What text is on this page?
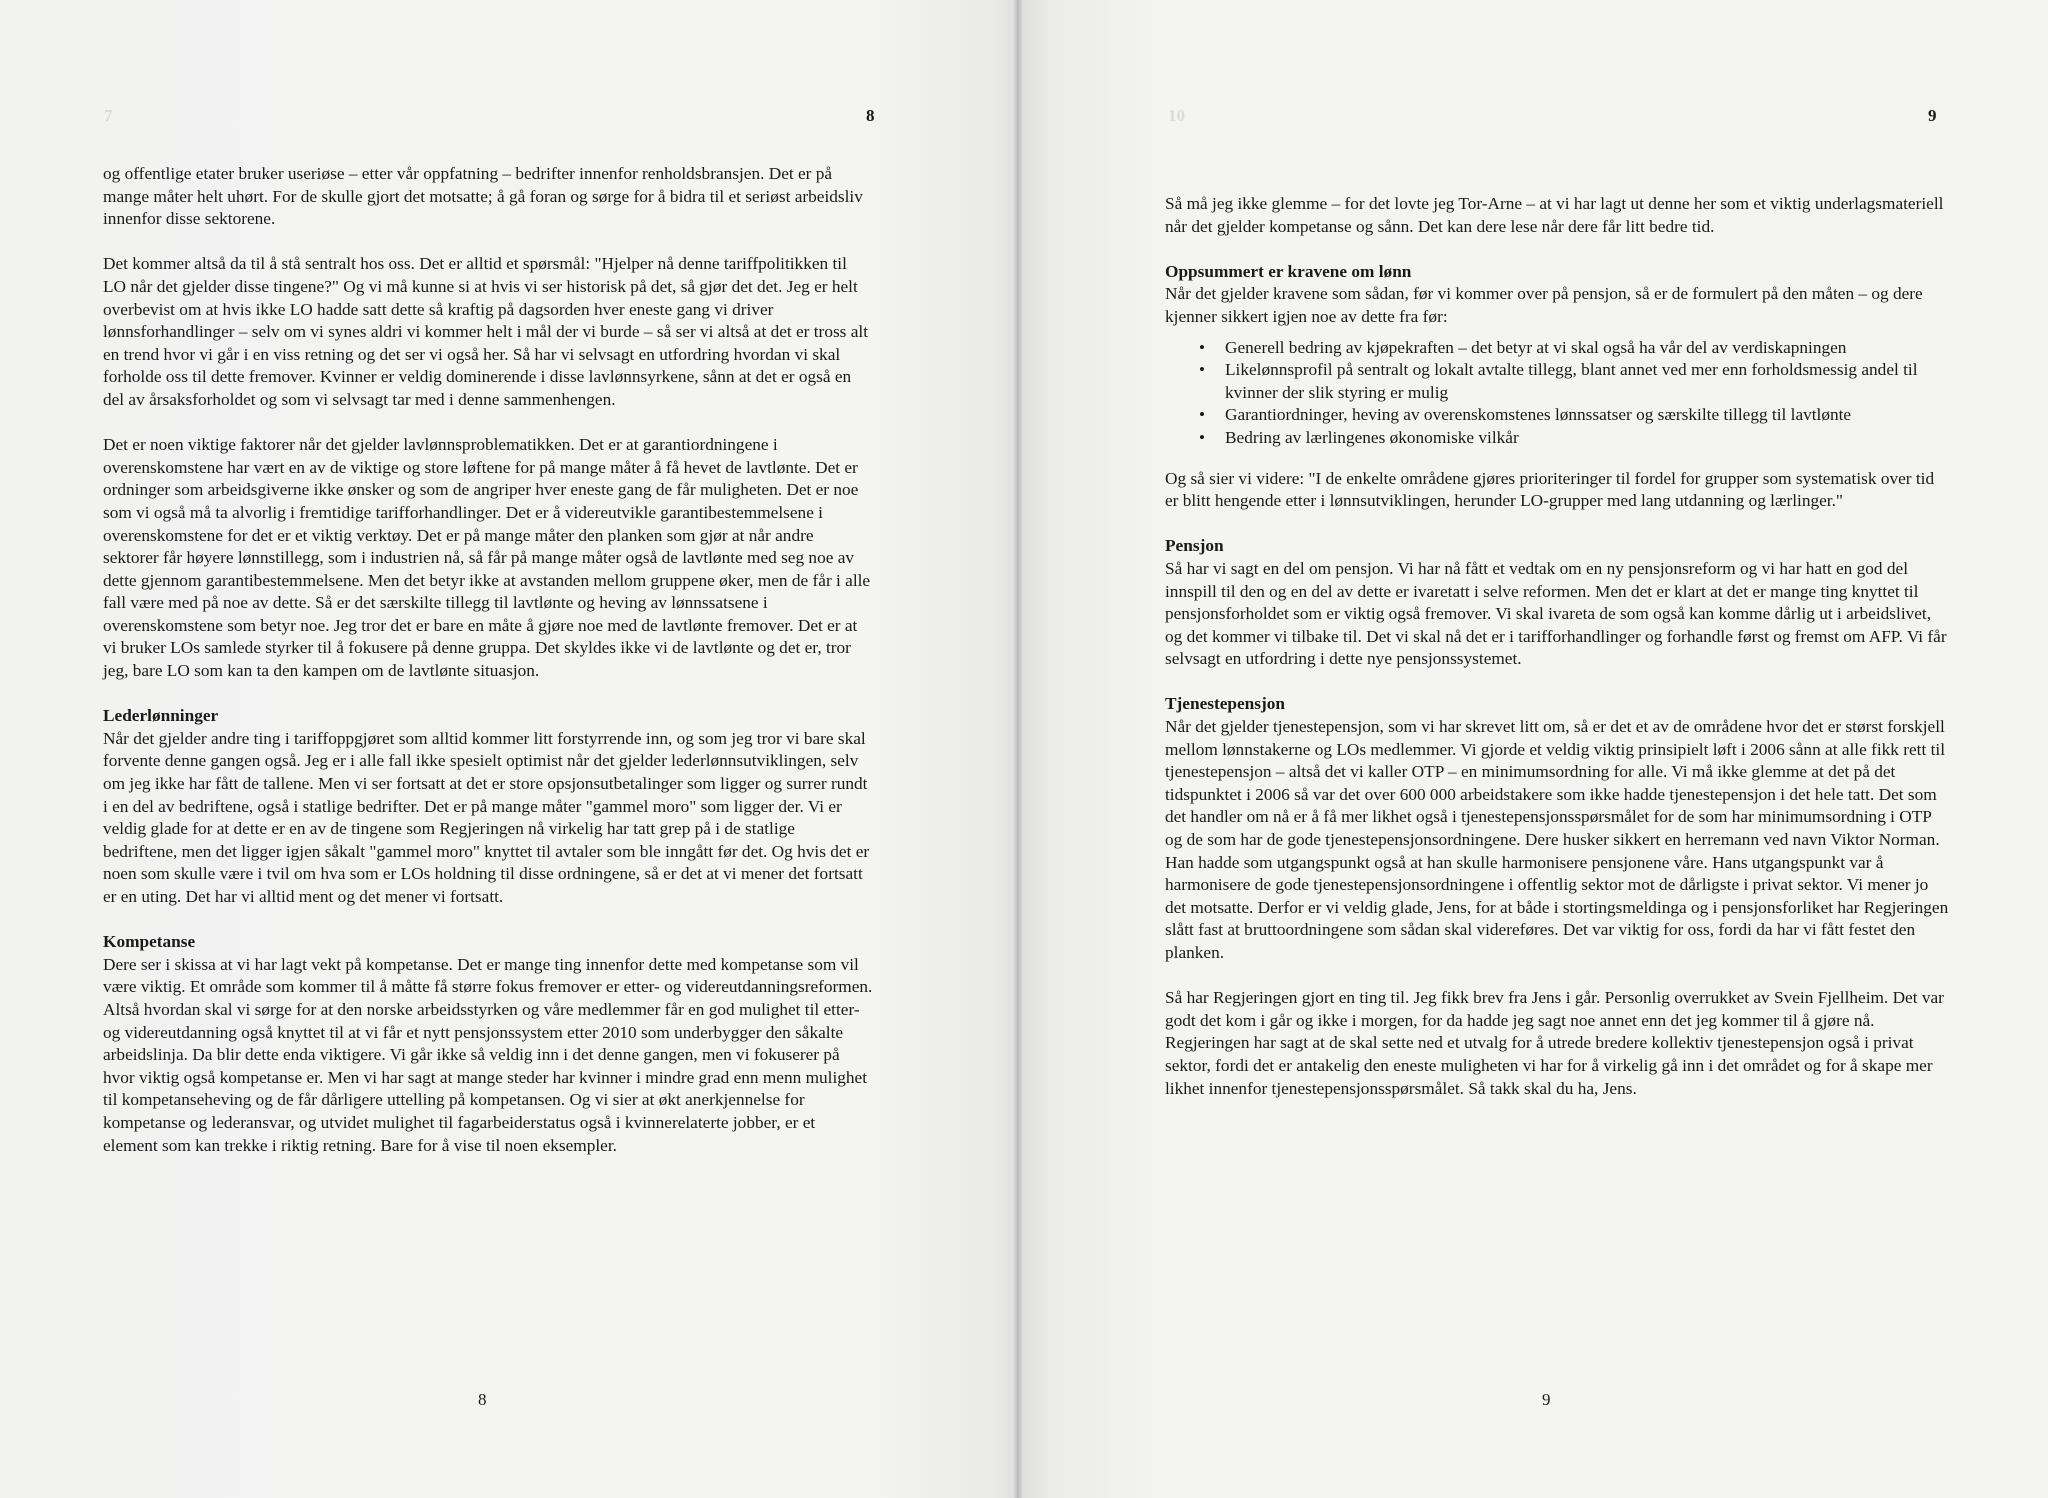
7	8

og offentlige etater bruker useriøse – etter vår oppfatning – bedrifter innenfor renholdsbransjen. Det er på mange måter helt uhørt. For de skulle gjort det motsatte; å gå foran og sørge for å bidra til et seriøst arbeidsliv innenfor disse sektorene.

Det kommer altså da til å stå sentralt hos oss. Det er alltid et spørsmål: "Hjelper nå denne tariffpolitikken til LO når det gjelder disse tingene?" Og vi må kunne si at hvis vi ser historisk på det, så gjør det det. Jeg er helt overbevist om at hvis ikke LO hadde satt dette så kraftig på dagsorden hver eneste gang vi driver lønnsforhandlinger – selv om vi synes aldri vi kommer helt i mål der vi burde – så ser vi altså at det er tross alt en trend hvor vi går i en viss retning og det ser vi også her. Så har vi selvsagt en utfordring hvordan vi skal forholde oss til dette fremover. Kvinner er veldig dominerende i disse lavlønnsyrkene, sånn at det er også en del av årsaksforholdet og som vi selvsagt tar med i denne sammenhengen.

Det er noen viktige faktorer når det gjelder lavlønnsproblematikken. Det er at garantiordningene i overenskomstene har vært en av de viktige og store løftene for på mange måter å få hevet de lavtlønte. Det er ordninger som arbeidsgiverne ikke ønsker og som de angriper hver eneste gang de får muligheten. Det er noe som vi også må ta alvorlig i fremtidige tarifforhandlinger. Det er å videreutvikle garantibestemmelsene i overenskomstene for det er et viktig verktøy. Det er på mange måter den planken som gjør at når andre sektorer får høyere lønnstillegg, som i industrien nå, så får på mange måter også de lavtlønte med seg noe av dette gjennom garantibestemmelsene. Men det betyr ikke at avstanden mellom gruppene øker, men de får i alle fall være med på noe av dette. Så er det særskilte tillegg til lavtlønte og heving av lønnssatsene i overenskomstene som betyr noe. Jeg tror det er bare en måte å gjøre noe med de lavtlønte fremover. Det er at vi bruker LOs samlede styrker til å fokusere på denne gruppa. Det skyldes ikke vi de lavtlønte og det er, tror jeg, bare LO som kan ta den kampen om de lavtlønte situasjon.

Lederlønninger

Når det gjelder andre ting i tariffoppgjøret som alltid kommer litt forstyrrende inn, og som jeg tror vi bare skal forvente denne gangen også. Jeg er i alle fall ikke spesielt optimist når det gjelder lederlønnsutviklingen, selv om jeg ikke har fått de tallene. Men vi ser fortsatt at det er store opsjonsutbetalinger som ligger og surrer rundt i en del av bedriftene, også i statlige bedrifter. Det er på mange måter "gammel moro" som ligger der. Vi er veldig glade for at dette er en av de tingene som Regjeringen nå virkelig har tatt grep på i de statlige bedriftene, men det ligger igjen såkalt "gammel moro" knyttet til avtaler som ble inngått før det. Og hvis det er noen som skulle være i tvil om hva som er LOs holdning til disse ordningene, så er det at vi mener det fortsatt er en uting. Det har vi alltid ment og det mener vi fortsatt.

Kompetanse

Dere ser i skissa at vi har lagt vekt på kompetanse. Det er mange ting innenfor dette med kompetanse som vil være viktig. Et område som kommer til å måtte få større fokus fremover er etter- og videreutdanningsreformen. Altså hvordan skal vi sørge for at den norske arbeidsstyrken og våre medlemmer får en god mulighet til etter- og videreutdanning også knyttet til at vi får et nytt pensjonssystem etter 2010 som underbygger den såkalte arbeidslinja. Da blir dette enda viktigere. Vi går ikke så veldig inn i det denne gangen, men vi fokuserer på hvor viktig også kompetanse er. Men vi har sagt at mange steder har kvinner i mindre grad enn menn mulighet til kompetanseheving og de får dårligere uttelling på kompetansen. Og vi sier at økt anerkjennelse for kompetanse og lederansvar, og utvidet mulighet til fagarbeiderstatus også i kvinnerelaterte jobber, er et element som kan trekke i riktig retning. Bare for å vise til noen eksempler.

8
10	9

Så må jeg ikke glemme – for det lovte jeg Tor-Arne – at vi har lagt ut denne her som et viktig underlagsmateriell når det gjelder kompetanse og sånn. Det kan dere lese når dere får litt bedre tid.

Oppsummert er kravene om lønn

Når det gjelder kravene som sådan, før vi kommer over på pensjon, så er de formulert på den måten – og dere kjenner sikkert igjen noe av dette fra før:

• Generell bedring av kjøpekraften – det betyr at vi skal også ha vår del av verdiskapningen
• Likelønnsprofil på sentralt og lokalt avtalte tillegg, blant annet ved mer enn forholdsmessig andel til kvinner der slik styring er mulig
• Garantiordninger, heving av overenskomstenes lønnssatser og særskilte tillegg til lavtlønte
• Bedring av lærlingenes økonomiske vilkår

Og så sier vi videre: "I de enkelte områdene gjøres prioriteringer til fordel for grupper som systematisk over tid er blitt hengende etter i lønnsutviklingen, herunder LO-grupper med lang utdanning og lærlinger."

Pensjon

Så har vi sagt en del om pensjon. Vi har nå fått et vedtak om en ny pensjonsreform og vi har hatt en god del innspill til den og en del av dette er ivaretatt i selve reformen. Men det er klart at det er mange ting knyttet til pensjonsforholdet som er viktig også fremover. Vi skal ivareta de som også kan komme dårlig ut i arbeidslivet, og det kommer vi tilbake til. Det vi skal nå det er i tarifforhandlinger og forhandle først og fremst om AFP. Vi får selvsagt en utfordring i dette nye pensjonssystemet.

Tjenestepensjon

Når det gjelder tjenestepensjon, som vi har skrevet litt om, så er det et av de områdene hvor det er størst forskjell mellom lønnstakerne og LOs medlemmer. Vi gjorde et veldig viktig prinsipielt løft i 2006 sånn at alle fikk rett til tjenestepensjon – altså det vi kaller OTP – en minimumsordning for alle. Vi må ikke glemme at det på det tidspunktet i 2006 så var det over 600 000 arbeidstakere som ikke hadde tjenestepensjon i det hele tatt. Det som det handler om nå er å få mer likhet også i tjenestepensjonsspørsmålet for de som har minimumsordning i OTP og de som har de gode tjenestepensjonsordningene. Dere husker sikkert en herremann ved navn Viktor Norman. Han hadde som utgangspunkt også at han skulle harmonisere pensjonene våre. Hans utgangspunkt var å harmonisere de gode tjenestepensjonsordningene i offentlig sektor mot de dårligste i privat sektor. Vi mener jo det motsatte. Derfor er vi veldig glade, Jens, for at både i stortingsmeldinga og i pensjonsforliket har Regjeringen slått fast at bruttoordningene som sådan skal videreføres. Det var viktig for oss, fordi da har vi fått festet den planken.

Så har Regjeringen gjort en ting til. Jeg fikk brev fra Jens i går. Personlig overrukket av Svein Fjellheim. Det var godt det kom i går og ikke i morgen, for da hadde jeg sagt noe annet enn det jeg kommer til å gjøre nå. Regjeringen har sagt at de skal sette ned et utvalg for å utrede bredere kollektiv tjenestepensjon også i privat sektor, fordi det er antakelig den eneste muligheten vi har for å virkelig gå inn i det området og for å skape mer likhet innenfor tjenestepensjonsspørsmålet. Så takk skal du ha, Jens.

9
